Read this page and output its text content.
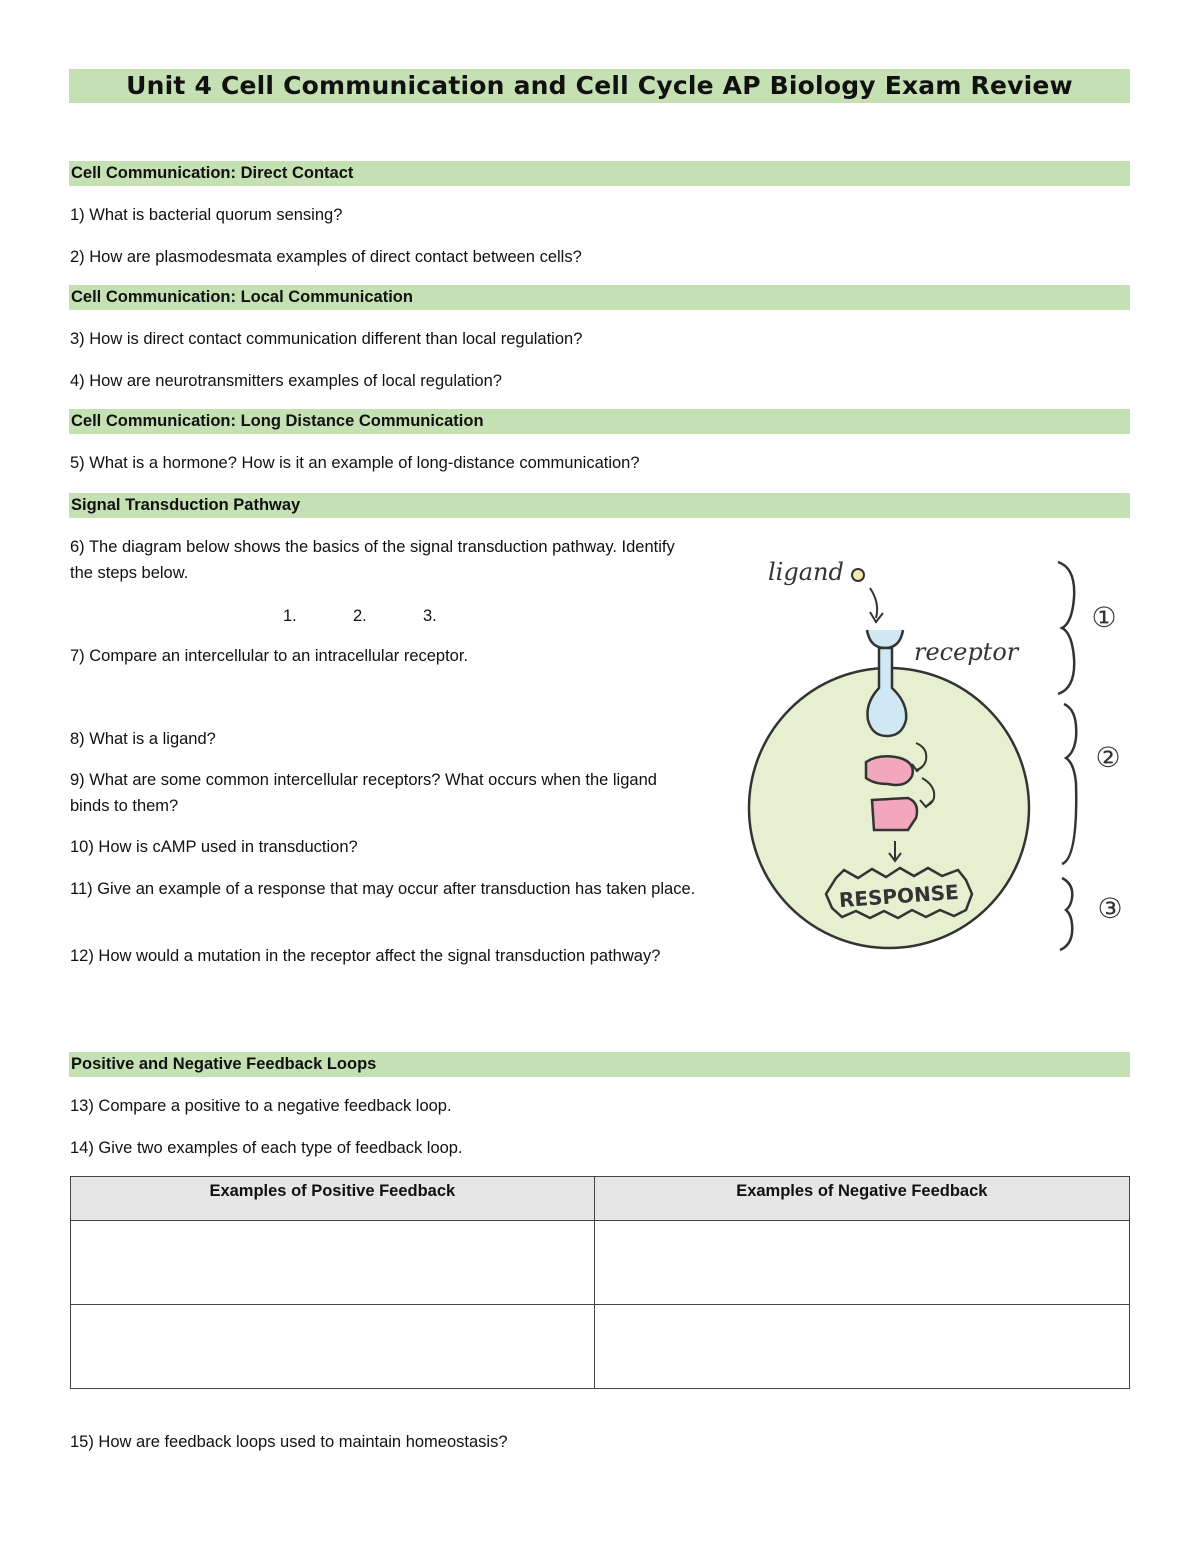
Unit 4 Cell Communication and Cell Cycle AP Biology Exam Review
Cell Communication: Direct Contact
1) What is bacterial quorum sensing?
2) How are plasmodesmata examples of direct contact between cells?
Cell Communication: Local Communication
3) How is direct contact communication different than local regulation?
4) How are neurotransmitters examples of local regulation?
Cell Communication: Long Distance Communication
5) What is a hormone? How is it an example of long-distance communication?
Signal Transduction Pathway
6) The diagram below shows the basics of the signal transduction pathway. Identify the steps below.
1.	2.	3.
7) Compare an intercellular to an intracellular receptor.
8) What is a ligand?
9) What are some common intercellular receptors? What occurs when the ligand binds to them?
10) How is cAMP used in transduction?
11) Give an example of a response that may occur after transduction has taken place.
12) How would a mutation in the receptor affect the signal transduction pathway?
ligand
receptor
RESPONSE
①
②
③
Positive and Negative Feedback Loops
13) Compare a positive to a negative feedback loop.
14) Give two examples of each type of feedback loop.
Examples of Positive Feedback	Examples of Negative Feedback

15) How are feedback loops used to maintain homeostasis?
